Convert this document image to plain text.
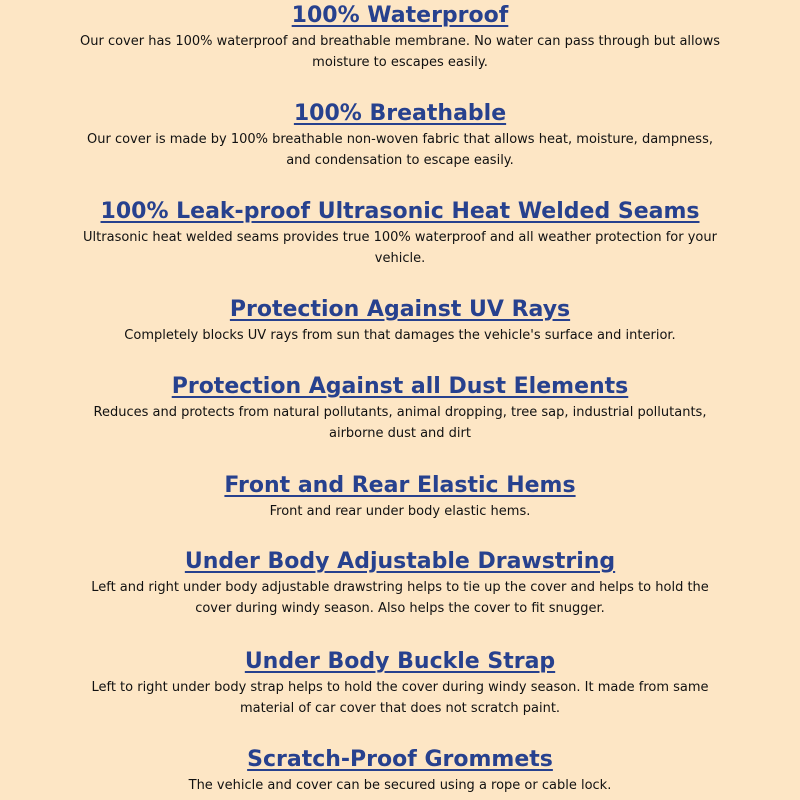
100% Waterproof

Our cover has 100% waterproof and breathable membrane. No water can pass through but allows moisture to escapes easily.

100% Breathable

Our cover is made by 100% breathable non-woven fabric that allows heat, moisture, dampness, and condensation to escape easily.

100% Leak-proof Ultrasonic Heat Welded Seams

Ultrasonic heat welded seams provides true 100% waterproof and all weather protection for your vehicle.

Protection Against UV Rays

Completely blocks UV rays from sun that damages the vehicle's surface and interior.

Protection Against all Dust Elements

Reduces and protects from natural pollutants, animal dropping, tree sap, industrial pollutants, airborne dust and dirt

Front and Rear Elastic Hems

Front and rear under body elastic hems.

Under Body Adjustable Drawstring

Left and right under body adjustable drawstring helps to tie up the cover and helps to hold the cover during windy season. Also helps the cover to fit snugger.

Under Body Buckle Strap

Left to right under body strap helps to hold the cover during windy season. It made from same material of car cover that does not scratch paint.

Scratch-Proof Grommets

The vehicle and cover can be secured using a rope or cable lock.
